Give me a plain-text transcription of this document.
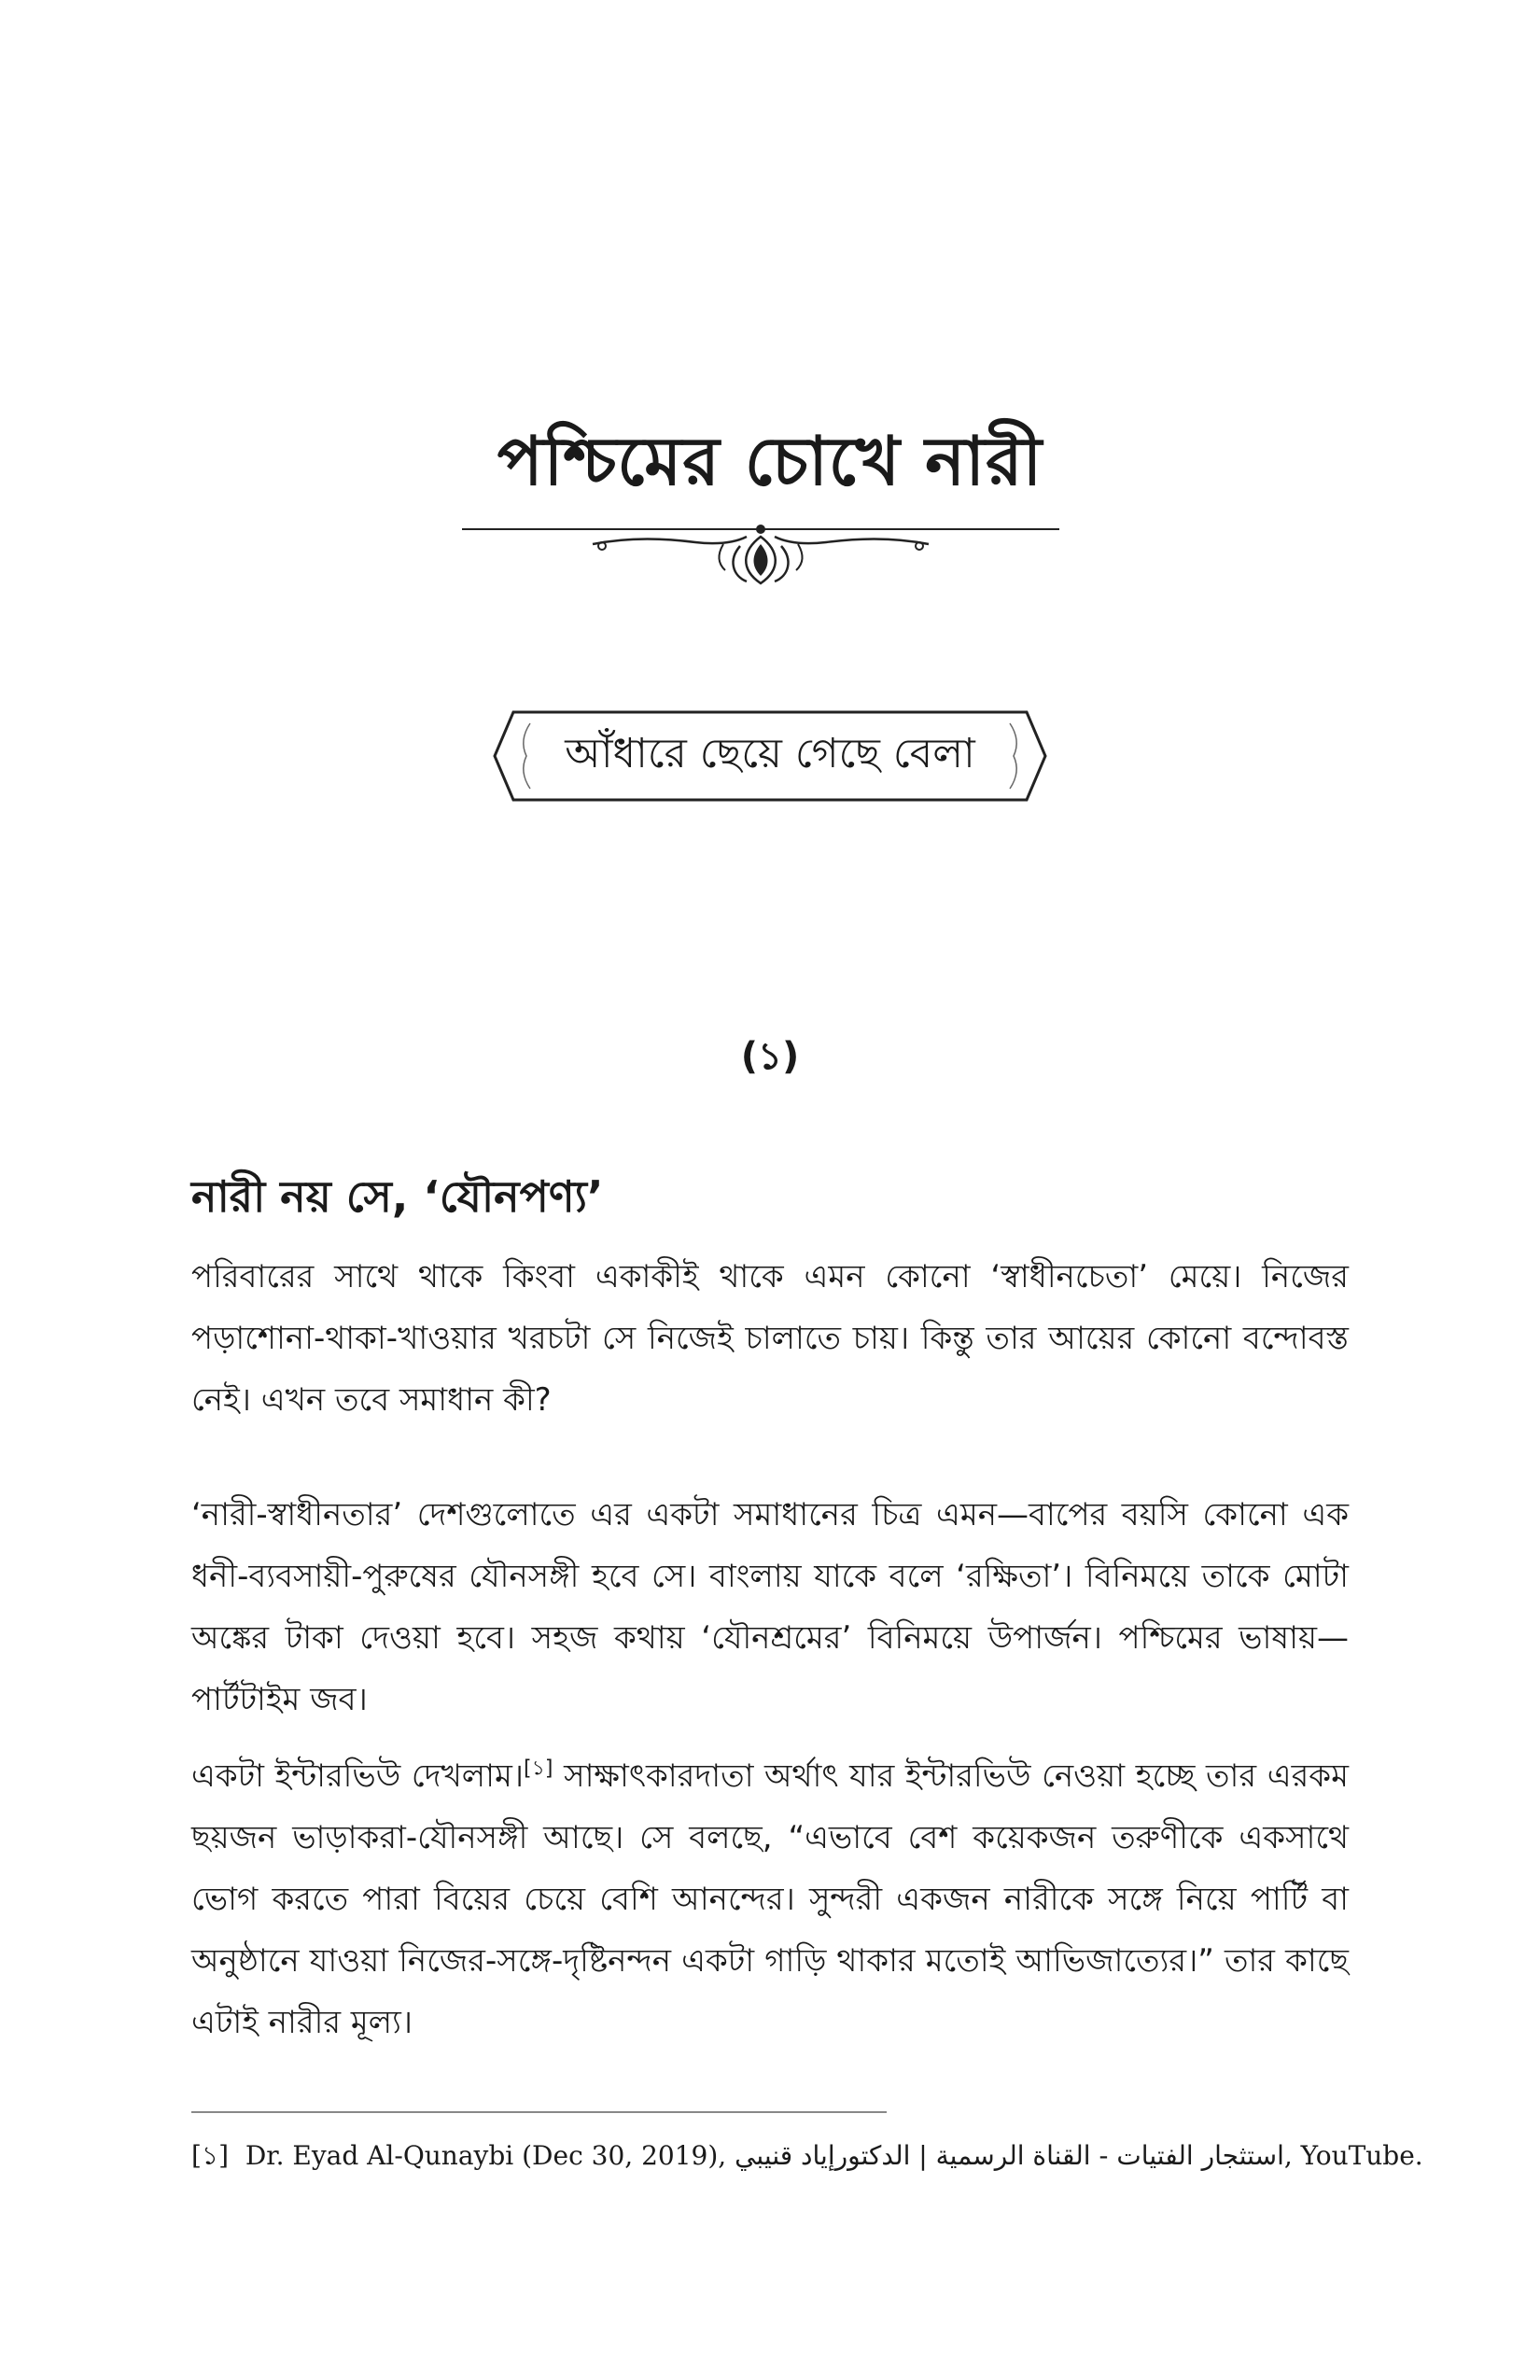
পশ্চিমের চোখে নারী
আঁধারে ছেয়ে গেছে বেলা
(১)
নারী নয় সে, ‘যৌনপণ্য’

পরিবারের সাথে থাকে কিংবা একাকীই থাকে এমন কোনো ‘স্বাধীনচেতা’ মেয়ে। নিজের পড়াশোনা-থাকা-খাওয়ার খরচটা সে নিজেই চালাতে চায়। কিন্তু তার আয়ের কোনো বন্দোবস্ত নেই। এখন তবে সমাধান কী?

‘নারী-স্বাধীনতার’ দেশগুলোতে এর একটা সমাধানের চিত্র এমন—বাপের বয়সি কোনো এক ধনী-ব্যবসায়ী-পুরুষের যৌনসঙ্গী হবে সে। বাংলায় যাকে বলে ‘রক্ষিতা’। বিনিময়ে তাকে মোটা অঙ্কের টাকা দেওয়া হবে। সহজ কথায় ‘যৌনশ্রমের’ বিনিময়ে উপার্জন। পশ্চিমের ভাষায়—পার্টটাইম জব।

একটা ইন্টারভিউ দেখলাম।[১] সাক্ষাৎকারদাতা অর্থাৎ যার ইন্টারভিউ নেওয়া হচ্ছে তার এরকম ছয়জন ভাড়াকরা-যৌনসঙ্গী আছে। সে বলছে, “এভাবে বেশ কয়েকজন তরুণীকে একসাথে ভোগ করতে পারা বিয়ের চেয়ে বেশি আনন্দের। সুন্দরী একজন নারীকে সঙ্গে নিয়ে পার্টি বা অনুষ্ঠানে যাওয়া নিজের-সঙ্গে-দৃষ্টিনন্দন একটা গাড়ি থাকার মতোই আভিজাত্যের।” তার কাছে এটাই নারীর মূল্য।

[১] Dr. Eyad Al-Qunaybi (Dec 30, 2019), استثجار الفتيات - القناة الرسمية | الدكتورإياد قنيبي, YouTube.
